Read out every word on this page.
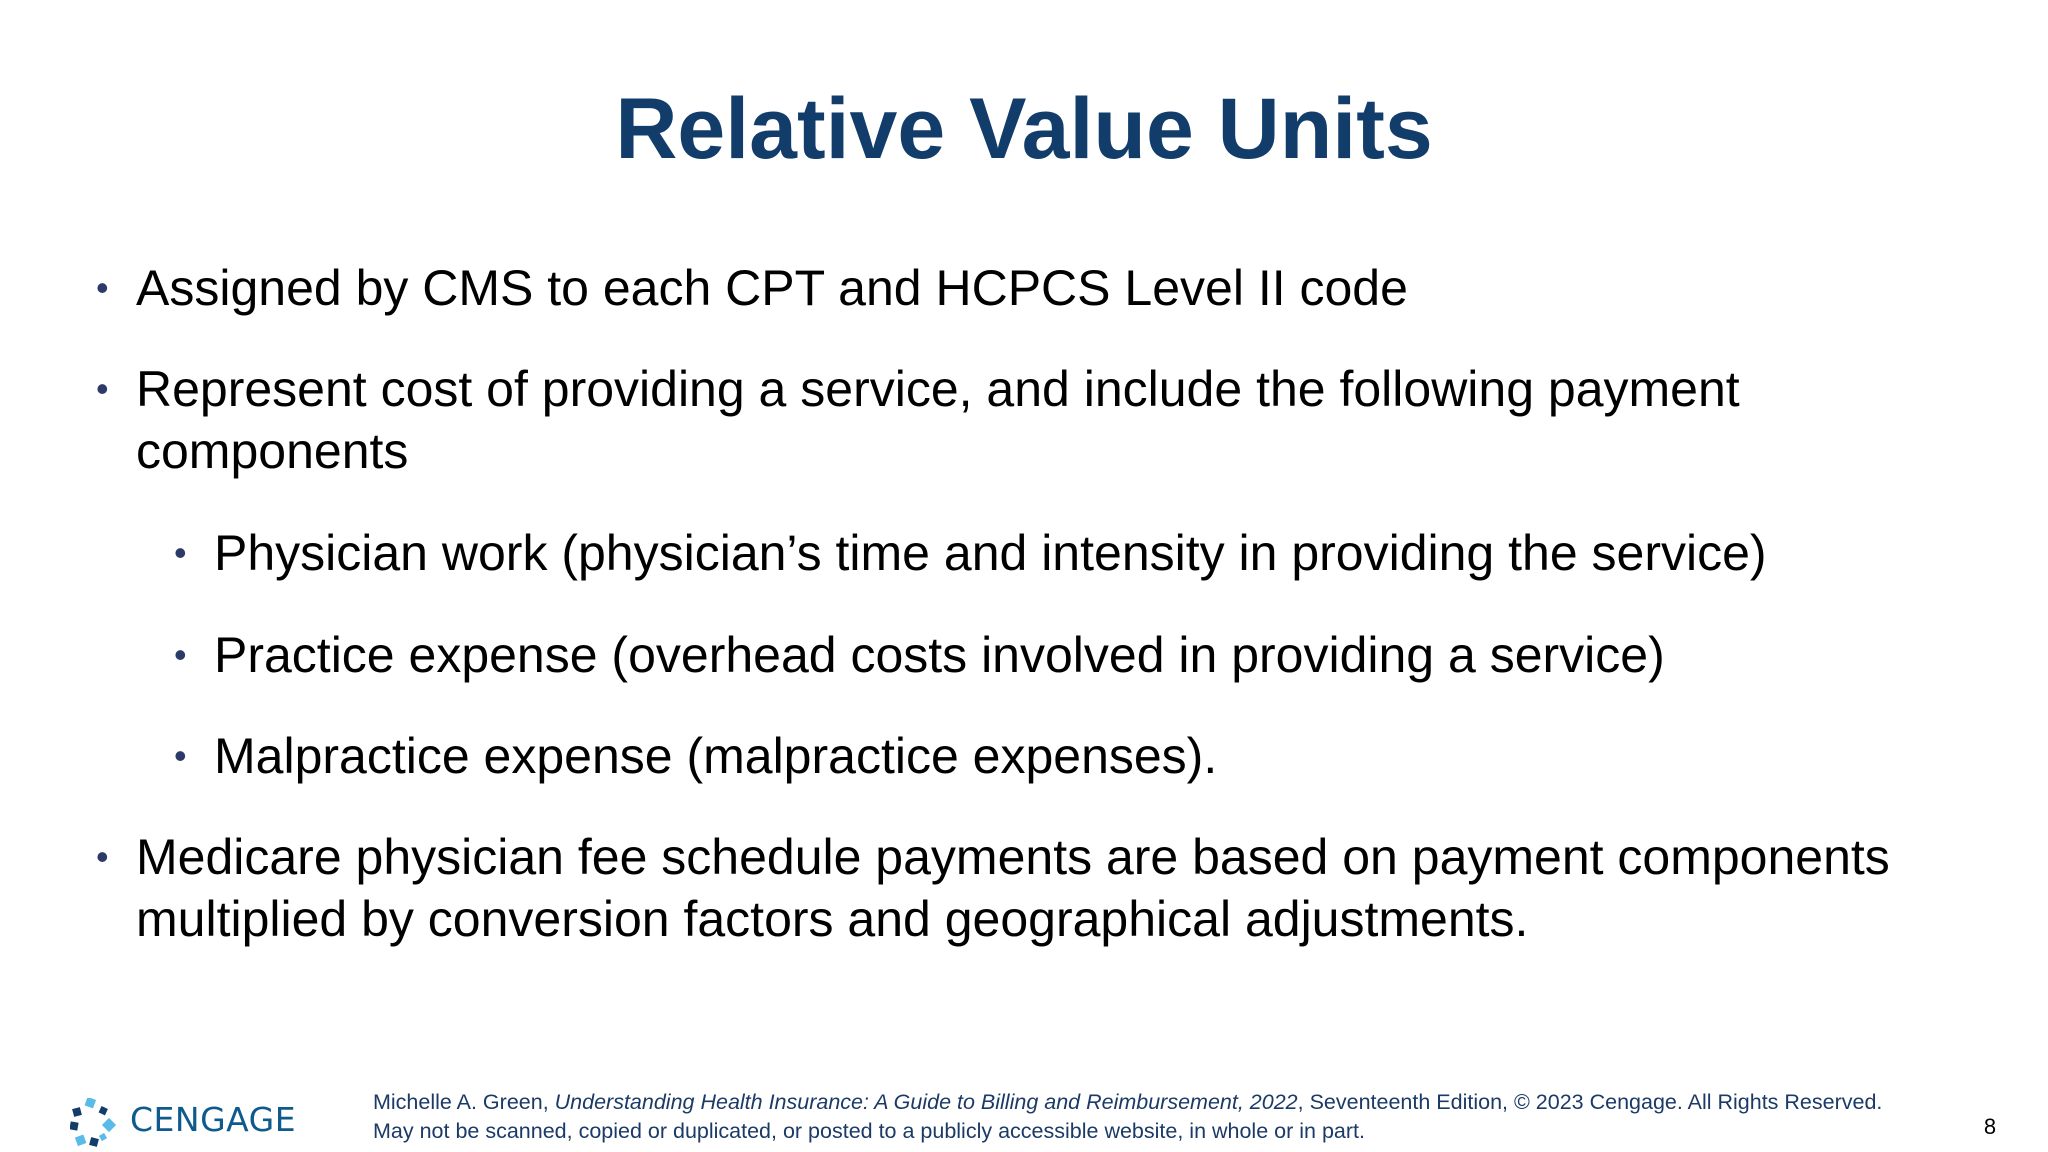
Relative Value Units
• Assigned by CMS to each CPT and HCPCS Level II code
• Represent cost of providing a service, and include the following payment components
• Physician work (physician’s time and intensity in providing the service)
• Practice expense (overhead costs involved in providing a service)
• Malpractice expense (malpractice expenses).
• Medicare physician fee schedule payments are based on payment components multiplied by conversion factors and geographical adjustments.
CENGAGE	Michelle A. Green, Understanding Health Insurance: A Guide to Billing and Reimbursement, 2022, Seventeenth Edition, © 2023 Cengage. All Rights Reserved. May not be scanned, copied or duplicated, or posted to a publicly accessible website, in whole or in part.	8
